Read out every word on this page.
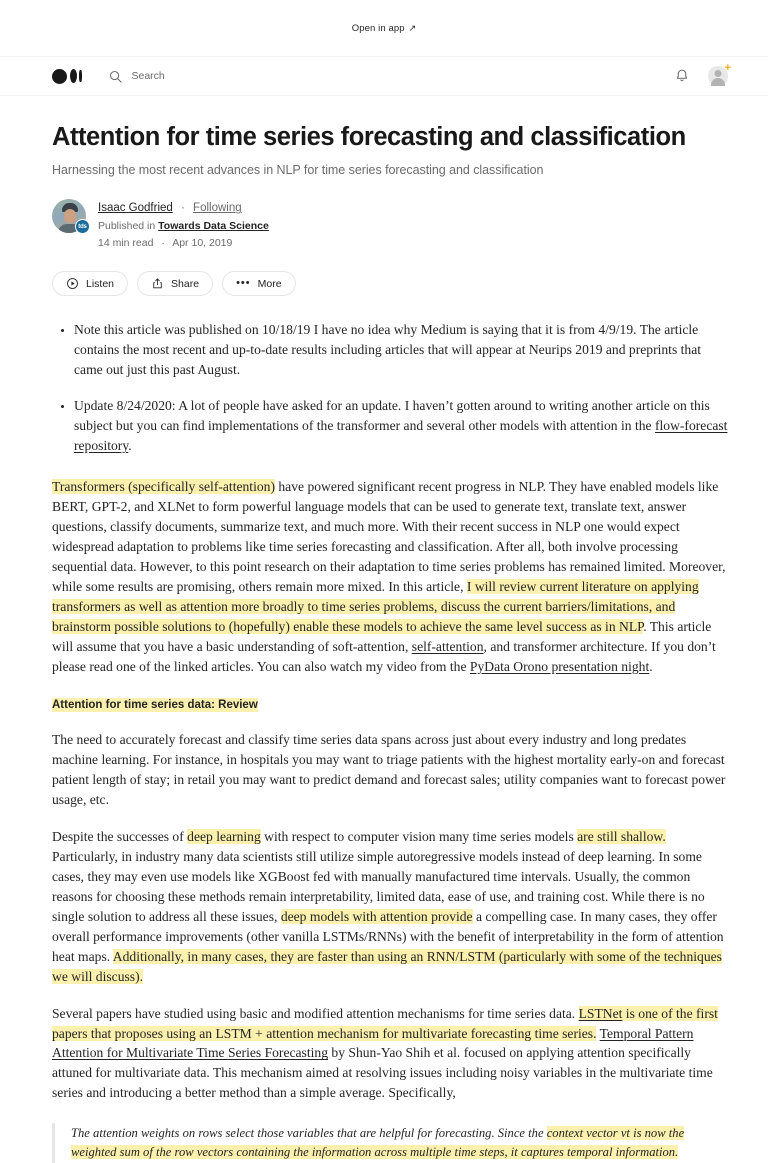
Open in app ↗
Search
+
Attention for time series forecasting and classification

Harnessing the most recent advances in NLP for time series forecasting and classification

tds
Isaac Godfried · Following
Published in Towards Data Science
14 min read · Apr 10, 2019
Listen	Share	••• More
• Note this article was published on 10/18/19 I have no idea why Medium is saying that it is from 4/9/19. The article contains the most recent and up-to-date results including articles that will appear at Neurips 2019 and preprints that came out just this past August.
• Update 8/24/2020: A lot of people have asked for an update. I haven’t gotten around to writing another article on this subject but you can find implementations of the transformer and several other models with attention in the flow-forecast repository.

Transformers (specifically self-attention) have powered significant recent progress in NLP. They have enabled models like BERT, GPT-2, and XLNet to form powerful language models that can be used to generate text, translate text, answer questions, classify documents, summarize text, and much more. With their recent success in NLP one would expect widespread adaptation to problems like time series forecasting and classification. After all, both involve processing sequential data. However, to this point research on their adaptation to time series problems has remained limited. Moreover, while some results are promising, others remain more mixed. In this article, I will review current literature on applying transformers as well as attention more broadly to time series problems, discuss the current barriers/limitations, and brainstorm possible solutions to (hopefully) enable these models to achieve the same level success as in NLP. This article will assume that you have a basic understanding of soft-attention, self-attention, and transformer architecture. If you don’t please read one of the linked articles. You can also watch my video from the PyData Orono presentation night.

Attention for time series data: Review

The need to accurately forecast and classify time series data spans across just about every industry and long predates machine learning. For instance, in hospitals you may want to triage patients with the highest mortality early-on and forecast patient length of stay; in retail you may want to predict demand and forecast sales; utility companies want to forecast power usage, etc.

Despite the successes of deep learning with respect to computer vision many time series models are still shallow. Particularly, in industry many data scientists still utilize simple autoregressive models instead of deep learning. In some cases, they may even use models like XGBoost fed with manually manufactured time intervals. Usually, the common reasons for choosing these methods remain interpretability, limited data, ease of use, and training cost. While there is no single solution to address all these issues, deep models with attention provide a compelling case. In many cases, they offer overall performance improvements (other vanilla LSTMs/RNNs) with the benefit of interpretability in the form of attention heat maps. Additionally, in many cases, they are faster than using an RNN/LSTM (particularly with some of the techniques we will discuss).

Several papers have studied using basic and modified attention mechanisms for time series data. LSTNet is one of the first papers that proposes using an LSTM + attention mechanism for multivariate forecasting time series. Temporal Pattern Attention for Multivariate Time Series Forecasting by Shun-Yao Shih et al. focused on applying attention specifically attuned for multivariate data. This mechanism aimed at resolving issues including noisy variables in the multivariate time series and introducing a better method than a simple average. Specifically,

The attention weights on rows select those variables that are helpful for forecasting. Since the context vector vt is now the weighted sum of the row vectors containing the information across multiple time steps, it captures temporal information.
